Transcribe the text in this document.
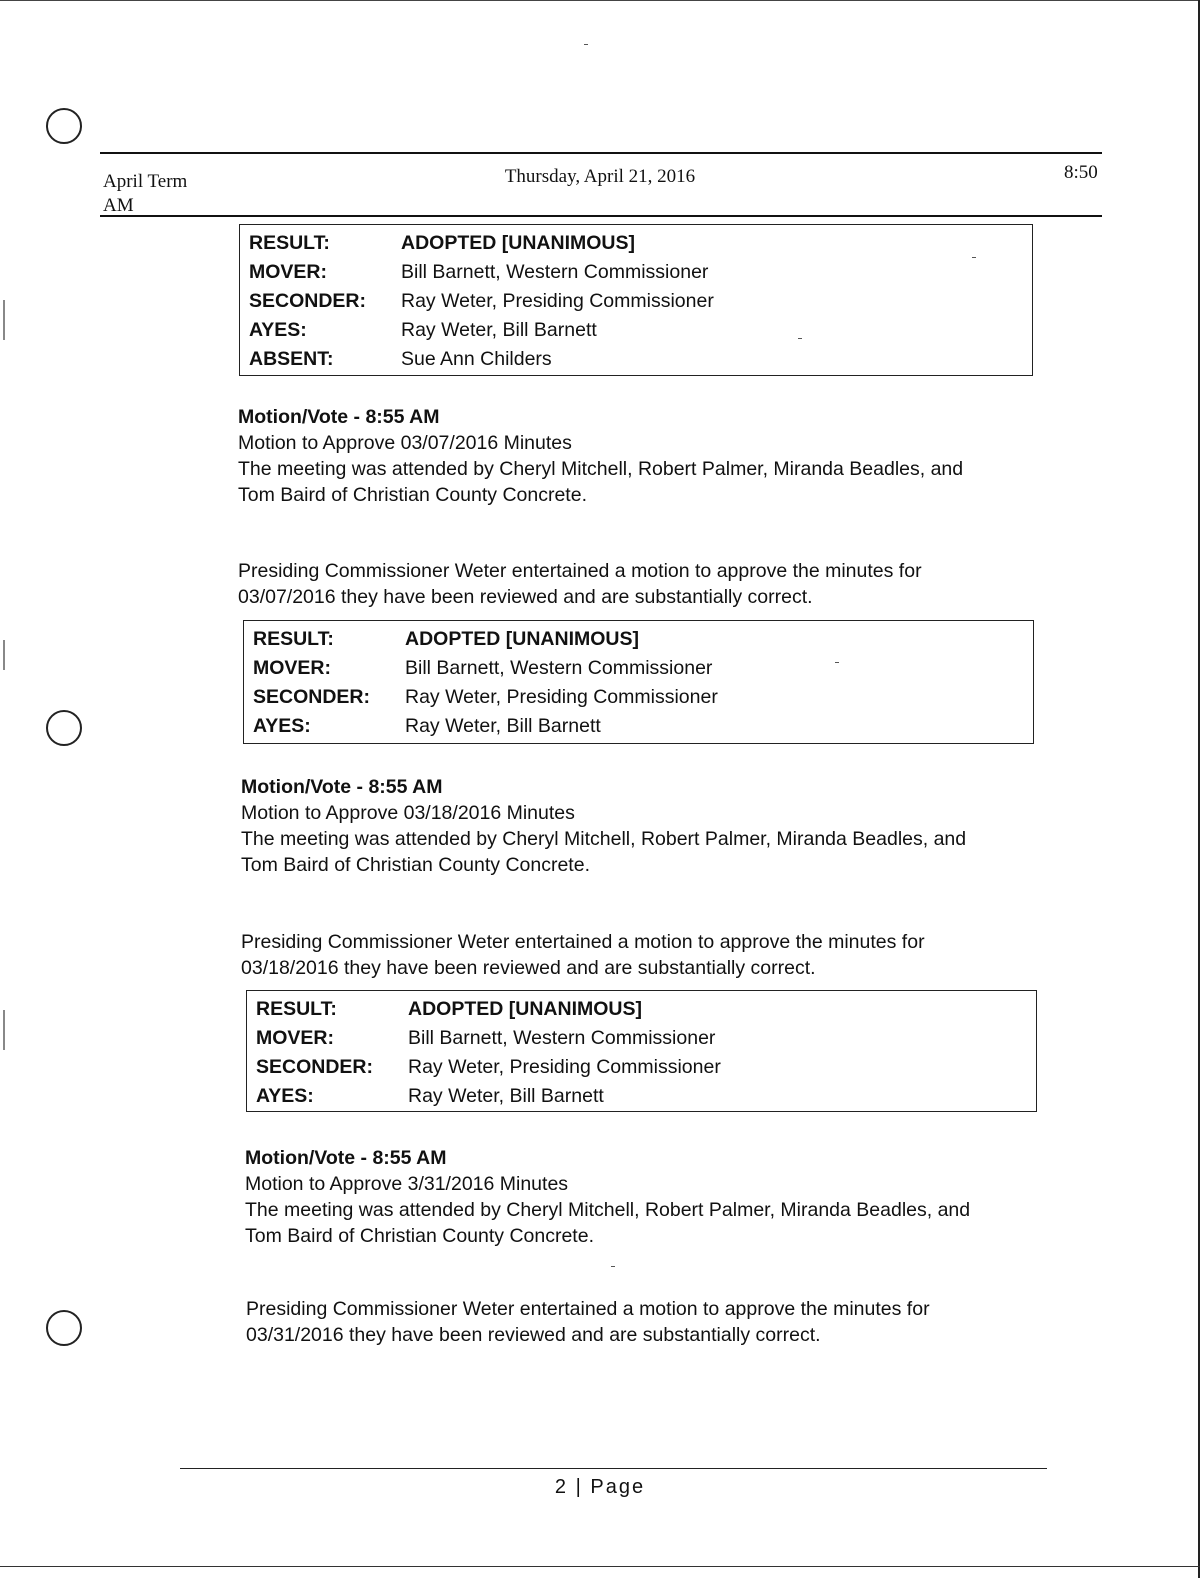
April Term
AM
Thursday, April 21, 2016	8:50
RESULT:	ADOPTED [UNANIMOUS]
MOVER:	Bill Barnett, Western Commissioner
SECONDER: Ray Weter, Presiding Commissioner
AYES:	Ray Weter, Bill Barnett
ABSENT:	Sue Ann Childers
Motion/Vote - 8:55 AM
Motion to Approve 03/07/2016 Minutes
The meeting was attended by Cheryl Mitchell, Robert Palmer, Miranda Beadles, and
Tom Baird of Christian County Concrete.
Presiding Commissioner Weter entertained a motion to approve the minutes for
03/07/2016 they have been reviewed and are substantially correct.
RESULT:	ADOPTED [UNANIMOUS]
MOVER:	Bill Barnett, Western Commissioner
SECONDER: Ray Weter, Presiding Commissioner
AYES:	Ray Weter, Bill Barnett
Motion/Vote - 8:55 AM
Motion to Approve 03/18/2016 Minutes
The meeting was attended by Cheryl Mitchell, Robert Palmer, Miranda Beadles, and
Tom Baird of Christian County Concrete.
Presiding Commissioner Weter entertained a motion to approve the minutes for
03/18/2016 they have been reviewed and are substantially correct.
RESULT:	ADOPTED [UNANIMOUS]
MOVER:	Bill Barnett, Western Commissioner
SECONDER: Ray Weter, Presiding Commissioner
AYES:	Ray Weter, Bill Barnett
Motion/Vote - 8:55 AM
Motion to Approve 3/31/2016 Minutes
The meeting was attended by Cheryl Mitchell, Robert Palmer, Miranda Beadles, and
Tom Baird of Christian County Concrete.
Presiding Commissioner Weter entertained a motion to approve the minutes for
03/31/2016 they have been reviewed and are substantially correct.
2 | Page
